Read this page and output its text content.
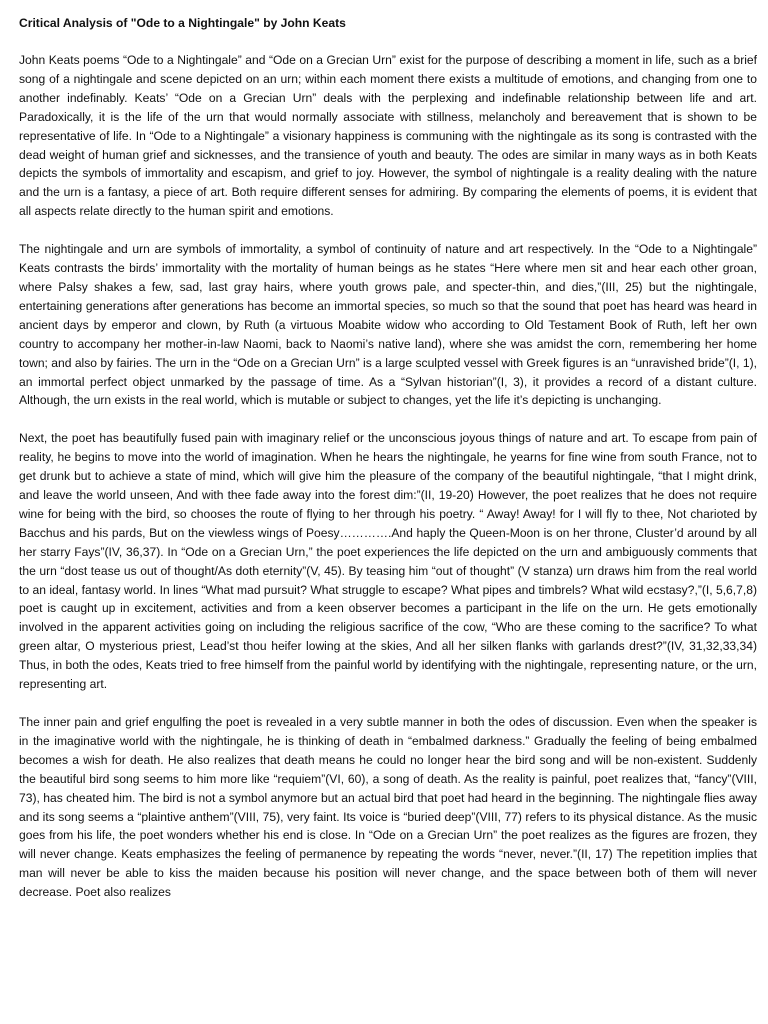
Critical Analysis of "Ode to a Nightingale" by John Keats

John Keats poems “Ode to a Nightingale” and “Ode on a Grecian Urn” exist for the purpose of describing a moment in life, such as a brief song of a nightingale and scene depicted on an urn; within each moment there exists a multitude of emotions, and changing from one to another indefinably. Keats’ “Ode on a Grecian Urn” deals with the perplexing and indefinable relationship between life and art. Paradoxically, it is the life of the urn that would normally associate with stillness, melancholy and bereavement that is shown to be representative of life. In “Ode to a Nightingale” a visionary happiness is communing with the nightingale as its song is contrasted with the dead weight of human grief and sicknesses, and the transience of youth and beauty. The odes are similar in many ways as in both Keats depicts the symbols of immortality and escapism, and grief to joy. However, the symbol of nightingale is a reality dealing with the nature and the urn is a fantasy, a piece of art. Both require different senses for admiring. By comparing the elements of poems, it is evident that all aspects relate directly to the human spirit and emotions.

The nightingale and urn are symbols of immortality, a symbol of continuity of nature and art respectively. In the “Ode to a Nightingale” Keats contrasts the birds’ immortality with the mortality of human beings as he states “Here where men sit and hear each other groan, where Palsy shakes a few, sad, last gray hairs, where youth grows pale, and specter-thin, and dies,”(III, 25) but the nightingale, entertaining generations after generations has become an immortal species, so much so that the sound that poet has heard was heard in ancient days by emperor and clown, by Ruth (a virtuous Moabite widow who according to Old Testament Book of Ruth, left her own country to accompany her mother-in-law Naomi, back to Naomi’s native land), where she was amidst the corn, remembering her home town; and also by fairies. The urn in the “Ode on a Grecian Urn” is a large sculpted vessel with Greek figures is an “unravished bride”(I, 1), an immortal perfect object unmarked by the passage of time. As a “Sylvan historian”(I, 3), it provides a record of a distant culture. Although, the urn exists in the real world, which is mutable or subject to changes, yet the life it’s depicting is unchanging.

Next, the poet has beautifully fused pain with imaginary relief or the unconscious joyous things of nature and art. To escape from pain of reality, he begins to move into the world of imagination. When he hears the nightingale, he yearns for fine wine from south France, not to get drunk but to achieve a state of mind, which will give him the pleasure of the company of the beautiful nightingale, “that I might drink, and leave the world unseen, And with thee fade away into the forest dim:”(II, 19-20) However, the poet realizes that he does not require wine for being with the bird, so chooses the route of flying to her through his poetry. “ Away! Away! for I will fly to thee, Not charioted by Bacchus and his pards, But on the viewless wings of Poesy………….And haply the Queen-Moon is on her throne, Cluster’d around by all her starry Fays”(IV, 36,37). In “Ode on a Grecian Urn,” the poet experiences the life depicted on the urn and ambiguously comments that the urn “dost tease us out of thought/As doth eternity”(V, 45). By teasing him “out of thought” (V stanza) urn draws him from the real world to an ideal, fantasy world. In lines “What mad pursuit? What struggle to escape? What pipes and timbrels? What wild ecstasy?,”(I, 5,6,7,8) poet is caught up in excitement, activities and from a keen observer becomes a participant in the life on the urn. He gets emotionally involved in the apparent activities going on including the religious sacrifice of the cow, “Who are these coming to the sacrifice? To what green altar, O mysterious priest, Lead’st thou heifer lowing at the skies, And all her silken flanks with garlands drest?”(IV, 31,32,33,34) Thus, in both the odes, Keats tried to free himself from the painful world by identifying with the nightingale, representing nature, or the urn, representing art.

The inner pain and grief engulfing the poet is revealed in a very subtle manner in both the odes of discussion. Even when the speaker is in the imaginative world with the nightingale, he is thinking of death in “embalmed darkness.” Gradually the feeling of being embalmed becomes a wish for death. He also realizes that death means he could no longer hear the bird song and will be non-existent. Suddenly the beautiful bird song seems to him more like “requiem”(VI, 60), a song of death. As the reality is painful, poet realizes that, “fancy”(VIII, 73), has cheated him. The bird is not a symbol anymore but an actual bird that poet had heard in the beginning. The nightingale flies away and its song seems a “plaintive anthem”(VIII, 75), very faint. Its voice is “buried deep”(VIII, 77) refers to its physical distance. As the music goes from his life, the poet wonders whether his end is close. In “Ode on a Grecian Urn” the poet realizes as the figures are frozen, they will never change. Keats emphasizes the feeling of permanence by repeating the words “never, never.”(II, 17) The repetition implies that man will never be able to kiss the maiden because his position will never change, and the space between both of them will never decrease. Poet also realizes
